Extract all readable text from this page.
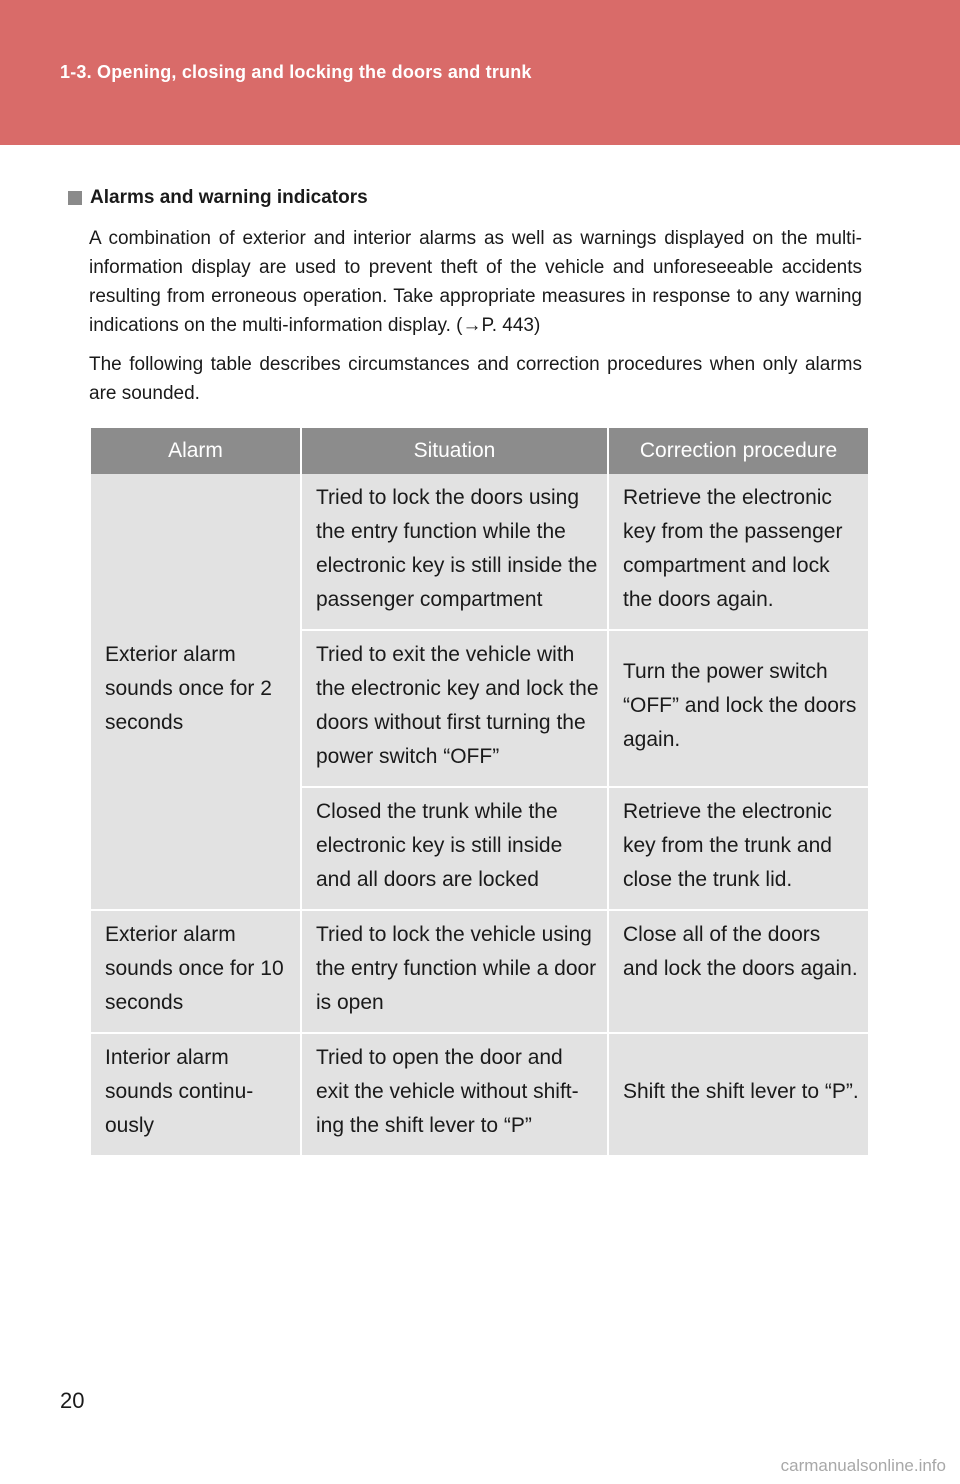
1-3. Opening, closing and locking the doors and trunk
Alarms and warning indicators

A combination of exterior and interior alarms as well as warnings displayed on the multi-information display are used to prevent theft of the vehicle and unforeseeable accidents resulting from erroneous operation. Take appropriate measures in response to any warning indications on the multi-information display. (→P. 443)

The following table describes circumstances and correction procedures when only alarms are sounded.

Alarm	Situation	Correction procedure
Exterior alarm sounds once for 2 seconds	Tried to lock the doors using the entry function while the electronic key is still inside the passenger compartment	Retrieve the electronic key from the passenger compartment and lock the doors again.
	Tried to exit the vehicle with the electronic key and lock the doors without first turning the power switch “OFF”	Turn the power switch “OFF” and lock the doors again.
	Closed the trunk while the electronic key is still inside and all doors are locked	Retrieve the electronic key from the trunk and close the trunk lid.
Exterior alarm sounds once for 10 seconds	Tried to lock the vehicle using the entry function while a door is open	Close all of the doors and lock the doors again.
Interior alarm sounds continu-ously	Tried to open the door and exit the vehicle without shift-ing the shift lever to “P”	Shift the shift lever to “P”.
20
carmanualsonline.info
